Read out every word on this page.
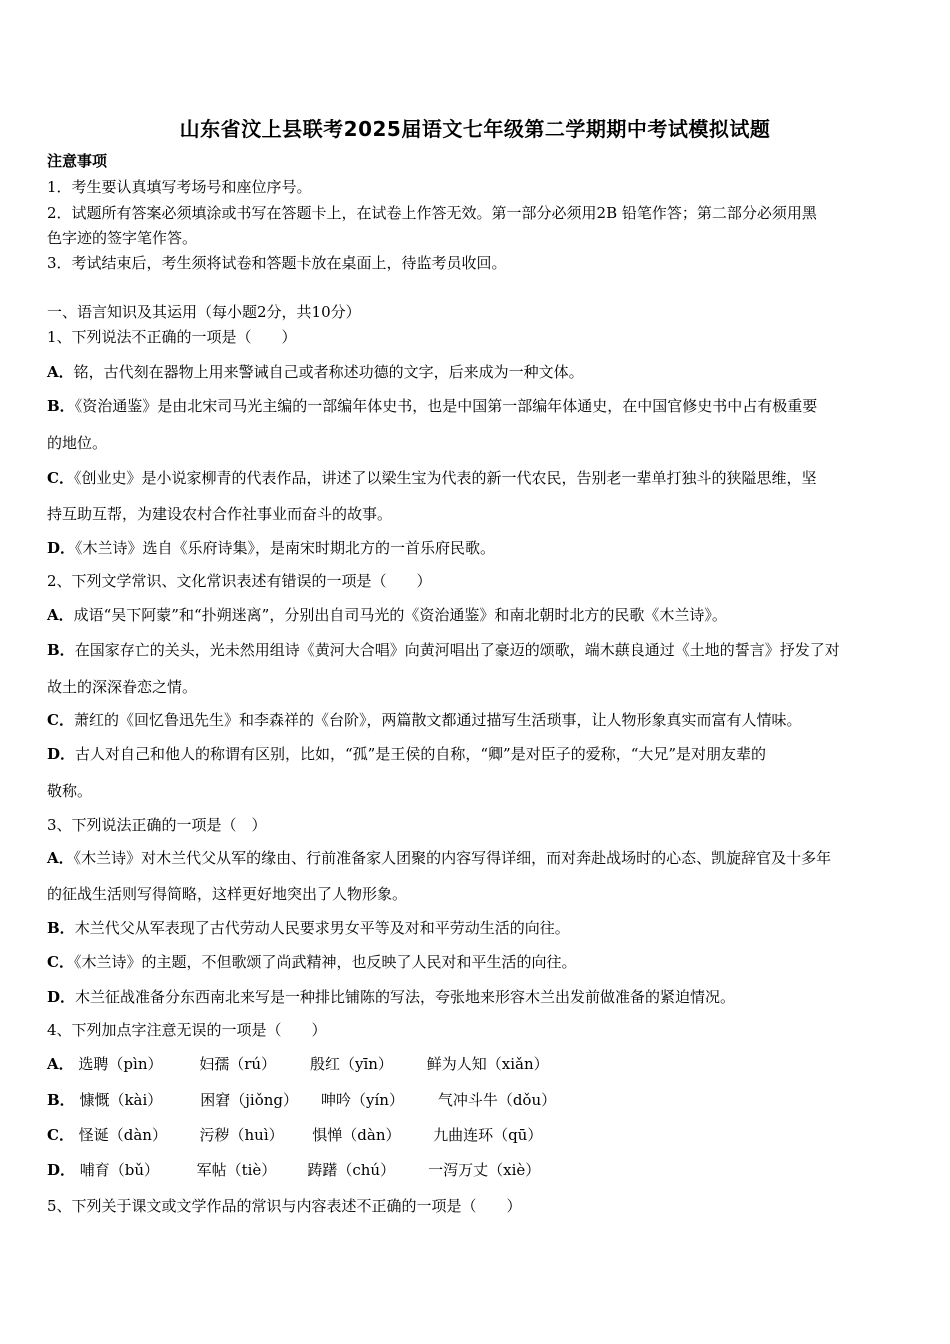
山东省汶上县联考2025届语文七年级第二学期期中考试模拟试题
注意事项
1．考生要认真填写考场号和座位序号。
2．试题所有答案必须填涂或书写在答题卡上，在试卷上作答无效。第一部分必须用2B 铅笔作答；第二部分必须用黑
色字迹的签字笔作答。
3．考试结束后，考生须将试卷和答题卡放在桌面上，待监考员收回。
一、语言知识及其运用（每小题2分，共10分）
1、下列说法不正确的一项是（　　）
A．铭，古代刻在器物上用来警诫自己或者称述功德的文字，后来成为一种文体。
B．《资治通鉴》是由北宋司马光主编的一部编年体史书，也是中国第一部编年体通史，在中国官修史书中占有极重要
的地位。
C．《创业史》是小说家柳青的代表作品，讲述了以梁生宝为代表的新一代农民，告别老一辈单打独斗的狭隘思维，坚
持互助互帮，为建设农村合作社事业而奋斗的故事。
D．《木兰诗》选自《乐府诗集》，是南宋时期北方的一首乐府民歌。
2、下列文学常识、文化常识表述有错误的一项是（　　）
A．成语“吴下阿蒙”和“扑朔迷离”，分别出自司马光的《资治通鉴》和南北朝时北方的民歌《木兰诗》。
B．在国家存亡的关头，光未然用组诗《黄河大合唱》向黄河唱出了豪迈的颂歌，端木蕻良通过《土地的誓言》抒发了对
故土的深深眷恋之情。
C．萧红的《回忆鲁迅先生》和李森祥的《台阶》，两篇散文都通过描写生活琐事，让人物形象真实而富有人情味。
D．古人对自己和他人的称谓有区别，比如，“孤”是王侯的自称，“卿”是对臣子的爱称，“大兄”是对朋友辈的
敬称。
3、下列说法正确的一项是（　）
A．《木兰诗》对木兰代父从军的缘由、行前准备家人团聚的内容写得详细，而对奔赴战场时的心态、凯旋辞官及十多年
的征战生活则写得简略，这样更好地突出了人物形象。
B．木兰代父从军表现了古代劳动人民要求男女平等及对和平劳动生活的向往。
C．《木兰诗》的主题，不但歌颂了尚武精神，也反映了人民对和平生活的向往。
D．木兰征战准备分东西南北来写是一种排比铺陈的写法，夸张地来形容木兰出发前做准备的紧迫情况。
4、下列加点字注意无误的一项是（　　）
A． 选聘（pìn） 妇孺（rú） 殷红（yīn） 鲜为人知（xiǎn）
B． 慷慨（kài）	困窘（jiǒng） 呻吟（yín） 气冲斗牛（dǒu）
C． 怪诞（dàn） 污秽（huì） 惧惮（dàn） 九曲连环（qū）
D． 哺育（bǔ）	军帖（tiè） 踌躇（chú） 一泻万丈（xiè）
5、下列关于课文或文学作品的常识与内容表述不正确的一项是（　　）
